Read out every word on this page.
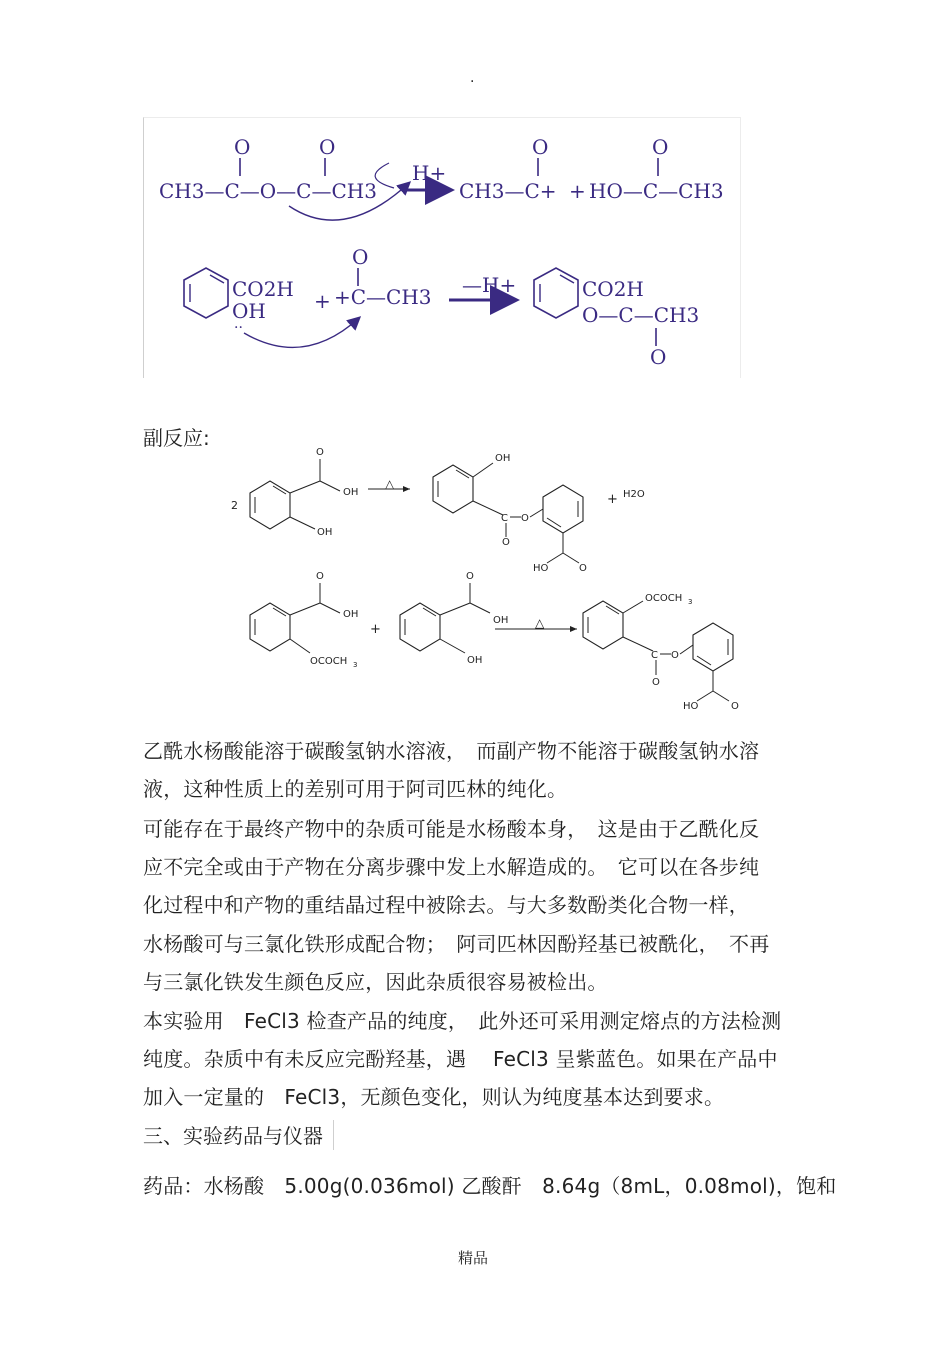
·
O	O
CH3—C—O—C—CH3
H+
O
CH3—C+ +
O
HO—C—CH3
CO2H
OH
··
+
O
+C—CH3 —H+	CO2H
O—C—CH3
O
副反应:
2
O
OH
OH
△
OH
C
O
O
HO	O
+ H2O
O
OH
OCOCH 3
+
O
OH
OH
△
OCOCH 3
C
O
O
HO	O
乙酰水杨酸能溶于碳酸氢钠水溶液，　而副产物不能溶于碳酸氢钠水溶
液，这种性质上的差别可用于阿司匹林的纯化。
可能存在于最终产物中的杂质可能是水杨酸本身，　这是由于乙酰化反
应不完全或由于产物在分离步骤中发上水解造成的。　它可以在各步纯
化过程中和产物的重结晶过程中被除去。与大多数酚类化合物一样，
水杨酸可与三氯化铁形成配合物；　阿司匹林因酚羟基已被酰化，　不再
与三氯化铁发生颜色反应，因此杂质很容易被检出。
本实验用　FeCl3 检查产品的纯度，　此外还可采用测定熔点的方法检测
纯度。杂质中有未反应完酚羟基，遇　 FeCl3 呈紫蓝色。如果在产品中
加入一定量的　FeCl3，无颜色变化，则认为纯度基本达到要求。
三、实验药品与仪器
药品：水杨酸　5.00g(0.036mol) 乙酸酐　8.64g（8mL，0.08mol)，饱和
精品
